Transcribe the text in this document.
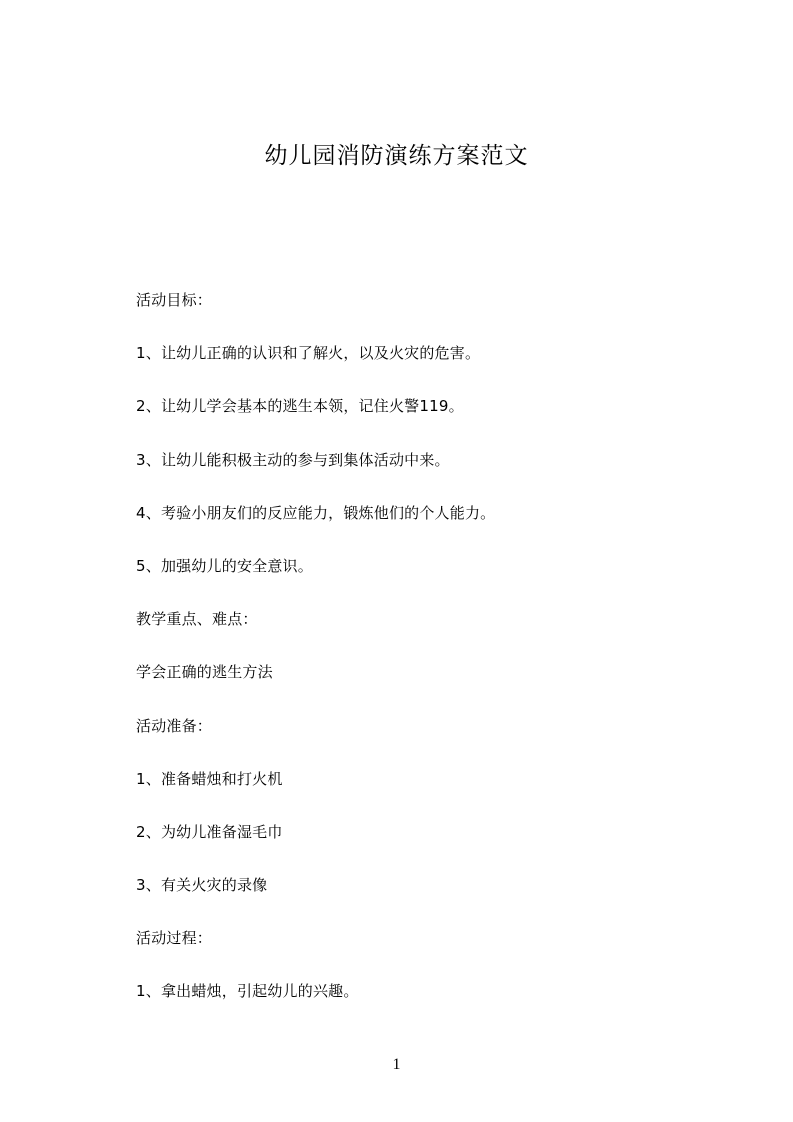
幼儿园消防演练方案范文

活动目标：

1、让幼儿正确的认识和了解火，以及火灾的危害。

2、让幼儿学会基本的逃生本领，记住火警119。

3、让幼儿能积极主动的参与到集体活动中来。

4、考验小朋友们的反应能力，锻炼他们的个人能力。

5、加强幼儿的安全意识。

教学重点、难点：

学会正确的逃生方法

活动准备：

1、准备蜡烛和打火机

2、为幼儿准备湿毛巾

3、有关火灾的录像

活动过程：

1、拿出蜡烛，引起幼儿的兴趣。

1
